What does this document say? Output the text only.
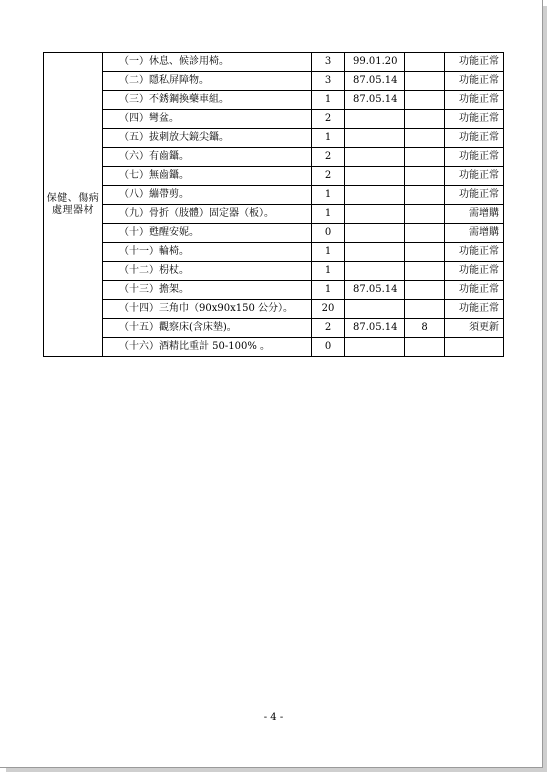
保健、傷病
處理器材	（一）休息、候診用椅。	3	99.01.20		功能正常
	（二）隱私屏障物。	3	87.05.14		功能正常
	（三）不銹鋼換藥車組。	1	87.05.14		功能正常
	（四）彎盆。	2			功能正常
	（五）拔刺放大鏡尖鑷。	1			功能正常
	（六）有齒鑷。	2			功能正常
	（七）無齒鑷。	2			功能正常
	（八）繃帶剪。	1			功能正常
	（九）骨折（肢體）固定器（板）。	1			需增購
	（十）甦醒安妮。	0			需增購
	（十一）輪椅。	1			功能正常
	（十二）枴杖。	1			功能正常
	（十三）擔架。	1	87.05.14		功能正常
	（十四）三角巾（90x90x150 公分）。	20			功能正常
	（十五）觀察床(含床墊)。	2	87.05.14	8	須更新
	（十六）酒精比重計 50-100% 。	0			
- 4 -
